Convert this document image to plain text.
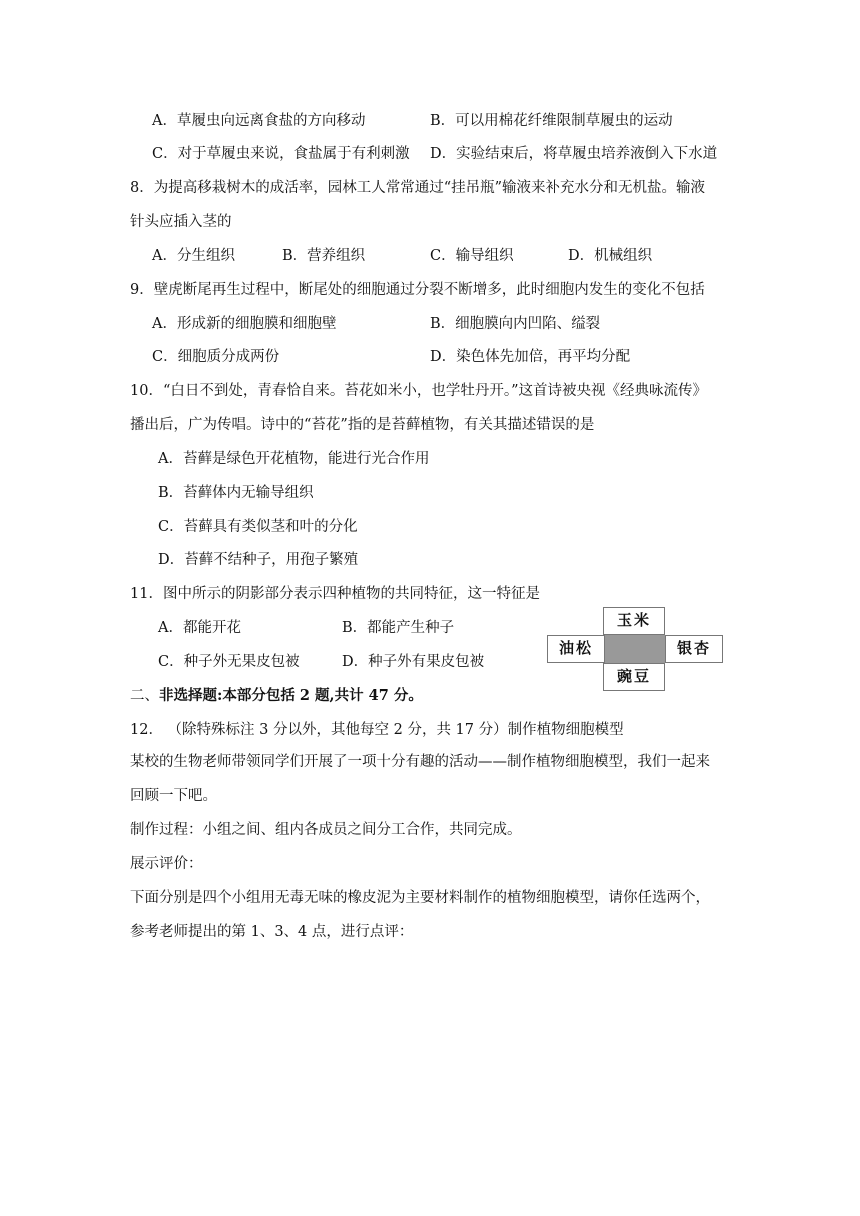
A．草履虫向远离食盐的方向移动	B．可以用棉花纤维限制草履虫的运动
C．对于草履虫来说，食盐属于有利刺激 D．实验结束后，将草履虫培养液倒入下水道
8．为提高移栽树木的成活率，园林工人常常通过“挂吊瓶”输液来补充水分和无机盐。输液
针头应插入茎的
A．分生组织	B．营养组织	C．输导组织	D．机械组织
9．壁虎断尾再生过程中，断尾处的细胞通过分裂不断增多，此时细胞内发生的变化不包括
A．形成新的细胞膜和细胞壁	B．细胞膜向内凹陷、缢裂
C．细胞质分成两份	D．染色体先加倍，再平均分配
10．“白日不到处，青春恰自来。苔花如米小，也学牡丹开。”这首诗被央视《经典咏流传》
播出后，广为传唱。诗中的“苔花”指的是苔藓植物，有关其描述错误的是
A．苔藓是绿色开花植物，能进行光合作用
B．苔藓体内无输导组织
C．苔藓具有类似茎和叶的分化
D．苔藓不结种子，用孢子繁殖
11．图中所示的阴影部分表示四种植物的共同特征，这一特征是
A．都能开花	B．都能产生种子
C．种子外无果皮包被	D．种子外有果皮包被
玉米
油松	银杏
豌豆
二、非选择题:本部分包括 2 题,共计 47 分。
12． （除特殊标注 3 分以外，其他每空 2 分，共 17 分）制作植物细胞模型
某校的生物老师带领同学们开展了一项十分有趣的活动——制作植物细胞模型，我们一起来
回顾一下吧。
制作过程：小组之间、组内各成员之间分工合作，共同完成。
展示评价：
下面分别是四个小组用无毒无味的橡皮泥为主要材料制作的植物细胞模型，请你任选两个，
参考老师提出的第 1、3、4 点，进行点评：
